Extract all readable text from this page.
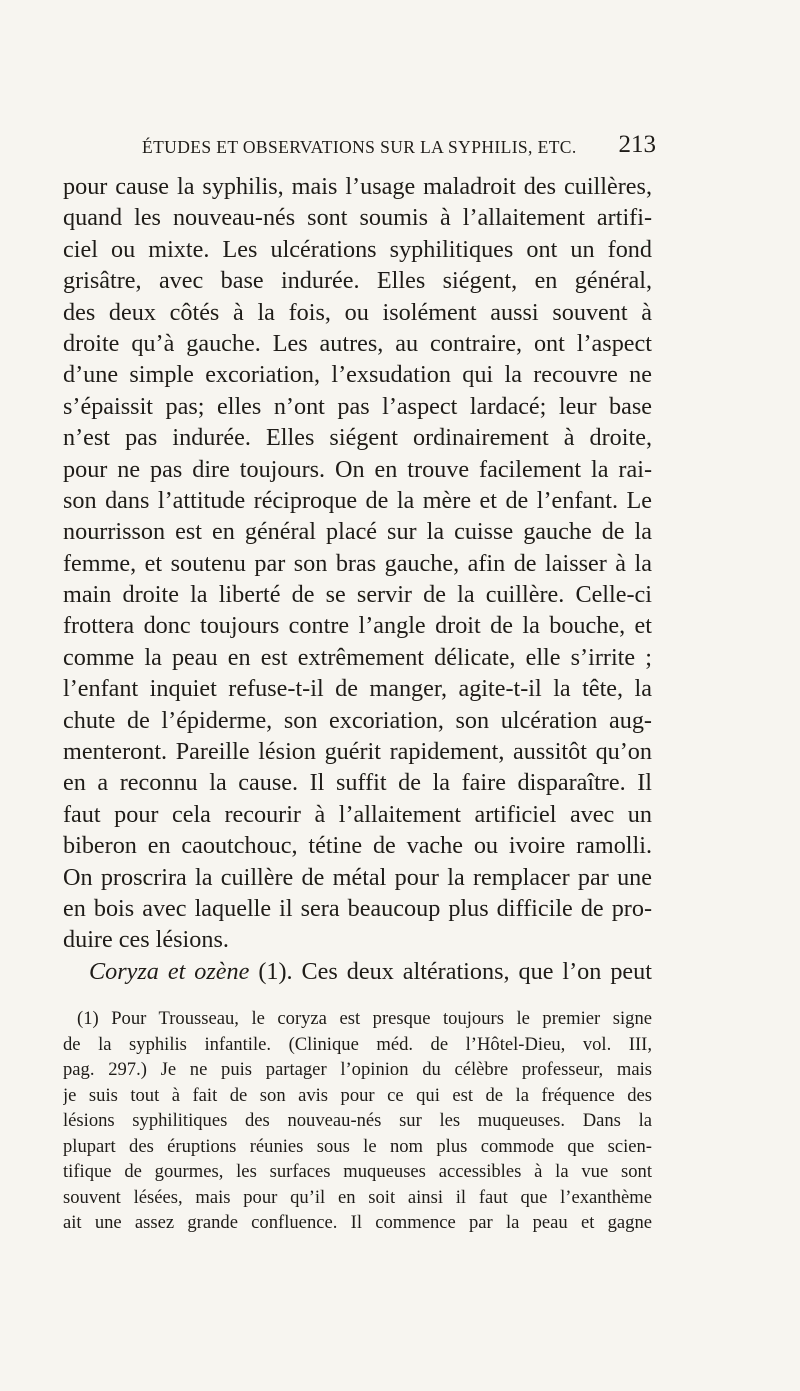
ÉTUDES ET OBSERVATIONS SUR LA SYPHILIS, ETC. 213
pour cause la syphilis, mais l’usage maladroit des cuillères,
quand les nouveau-nés sont soumis à l’allaitement artifi-
ciel ou mixte. Les ulcérations syphilitiques ont un fond
grisâtre, avec base indurée. Elles siégent, en général,
des deux côtés à la fois, ou isolément aussi souvent à
droite qu’à gauche. Les autres, au contraire, ont l’aspect
d’une simple excoriation, l’exsudation qui la recouvre ne
s’épaissit pas; elles n’ont pas l’aspect lardacé; leur base
n’est pas indurée. Elles siégent ordinairement à droite,
pour ne pas dire toujours. On en trouve facilement la rai-
son dans l’attitude réciproque de la mère et de l’enfant. Le
nourrisson est en général placé sur la cuisse gauche de la
femme, et soutenu par son bras gauche, afin de laisser à la
main droite la liberté de se servir de la cuillère. Celle-ci
frottera donc toujours contre l’angle droit de la bouche, et
comme la peau en est extrêmement délicate, elle s’irrite ;
l’enfant inquiet refuse-t-il de manger, agite-t-il la tête, la
chute de l’épiderme, son excoriation, son ulcération aug-
menteront. Pareille lésion guérit rapidement, aussitôt qu’on
en a reconnu la cause. Il suffit de la faire disparaître. Il
faut pour cela recourir à l’allaitement artificiel avec un
biberon en caoutchouc, tétine de vache ou ivoire ramolli.
On proscrira la cuillère de métal pour la remplacer par une
en bois avec laquelle il sera beaucoup plus difficile de pro-
duire ces lésions.
Coryza et ozène (1). Ces deux altérations, que l’on peut
(1) Pour Trousseau, le coryza est presque toujours le premier signe
de la syphilis infantile. (Clinique méd. de l’Hôtel-Dieu, vol. III,
pag. 297.) Je ne puis partager l’opinion du célèbre professeur, mais
je suis tout à fait de son avis pour ce qui est de la fréquence des
lésions syphilitiques des nouveau-nés sur les muqueuses. Dans la
plupart des éruptions réunies sous le nom plus commode que scien-
tifique de gourmes, les surfaces muqueuses accessibles à la vue sont
souvent lésées, mais pour qu’il en soit ainsi il faut que l’exanthème
ait une assez grande confluence. Il commence par la peau et gagne
